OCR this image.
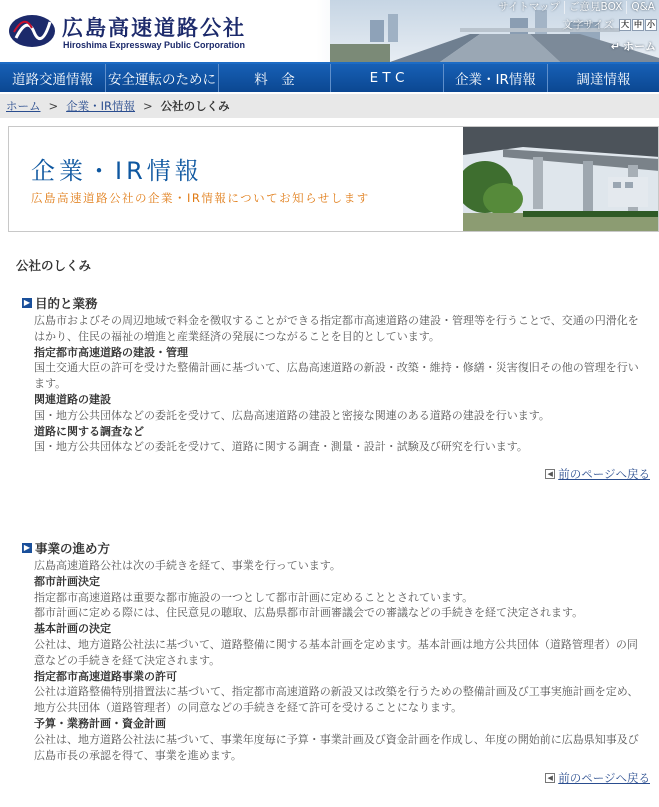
広島高速道路公社
Hiroshima Expressway Public Corporation
サイトマップ ご意見BOX Q&A
文字サイズ 大 中 小
↵ ホーム
道路交通情報	安全運転のために	料　金	E T C	企業・IR情報	調達情報
ホーム > 企業・IR情報 > 公社のしくみ
企業・IR情報
広島高速道路公社の企業・IR情報についてお知らせします
公社のしくみ
▶ 目的と業務

広島市およびその周辺地域で料金を徴収することができる指定都市高速道路の建設・管理等を行うことで、交通の円滑化をはかり、住民の福祉の増進と産業経済の発展につながることを目的としています。

指定都市高速道路の建設・管理

国土交通大臣の許可を受けた整備計画に基づいて、広島高速道路の新設・改築・維持・修繕・災害復旧その他の管理を行います。

関連道路の建設

国・地方公共団体などの委託を受けて、広島高速道路の建設と密接な関連のある道路の建設を行います。

道路に関する調査など

国・地方公共団体などの委託を受けて、道路に関する調査・測量・設計・試験及び研究を行います。

◀ 前のページへ戻る
▶ 事業の進め方

広島高速道路公社は次の手続きを経て、事業を行っています。

都市計画決定

指定都市高速道路は重要な都市施設の一つとして都市計画に定めることとされています。

都市計画に定める際には、住民意見の聴取、広島県都市計画審議会での審議などの手続きを経て決定されます。

基本計画の決定

公社は、地方道路公社法に基づいて、道路整備に関する基本計画を定めます。基本計画は地方公共団体（道路管理者）の同意などの手続きを経て決定されます。

指定都市高速道路事業の許可

公社は道路整備特別措置法に基づいて、指定都市高速道路の新設又は改築を行うための整備計画及び工事実施計画を定め、地方公共団体（道路管理者）の同意などの手続きを経て許可を受けることになります。

予算・業務計画・資金計画

公社は、地方道路公社法に基づいて、事業年度毎に予算・事業計画及び資金計画を作成し、年度の開始前に広島県知事及び広島市長の承認を得て、事業を進めます。

◀ 前のページへ戻る
